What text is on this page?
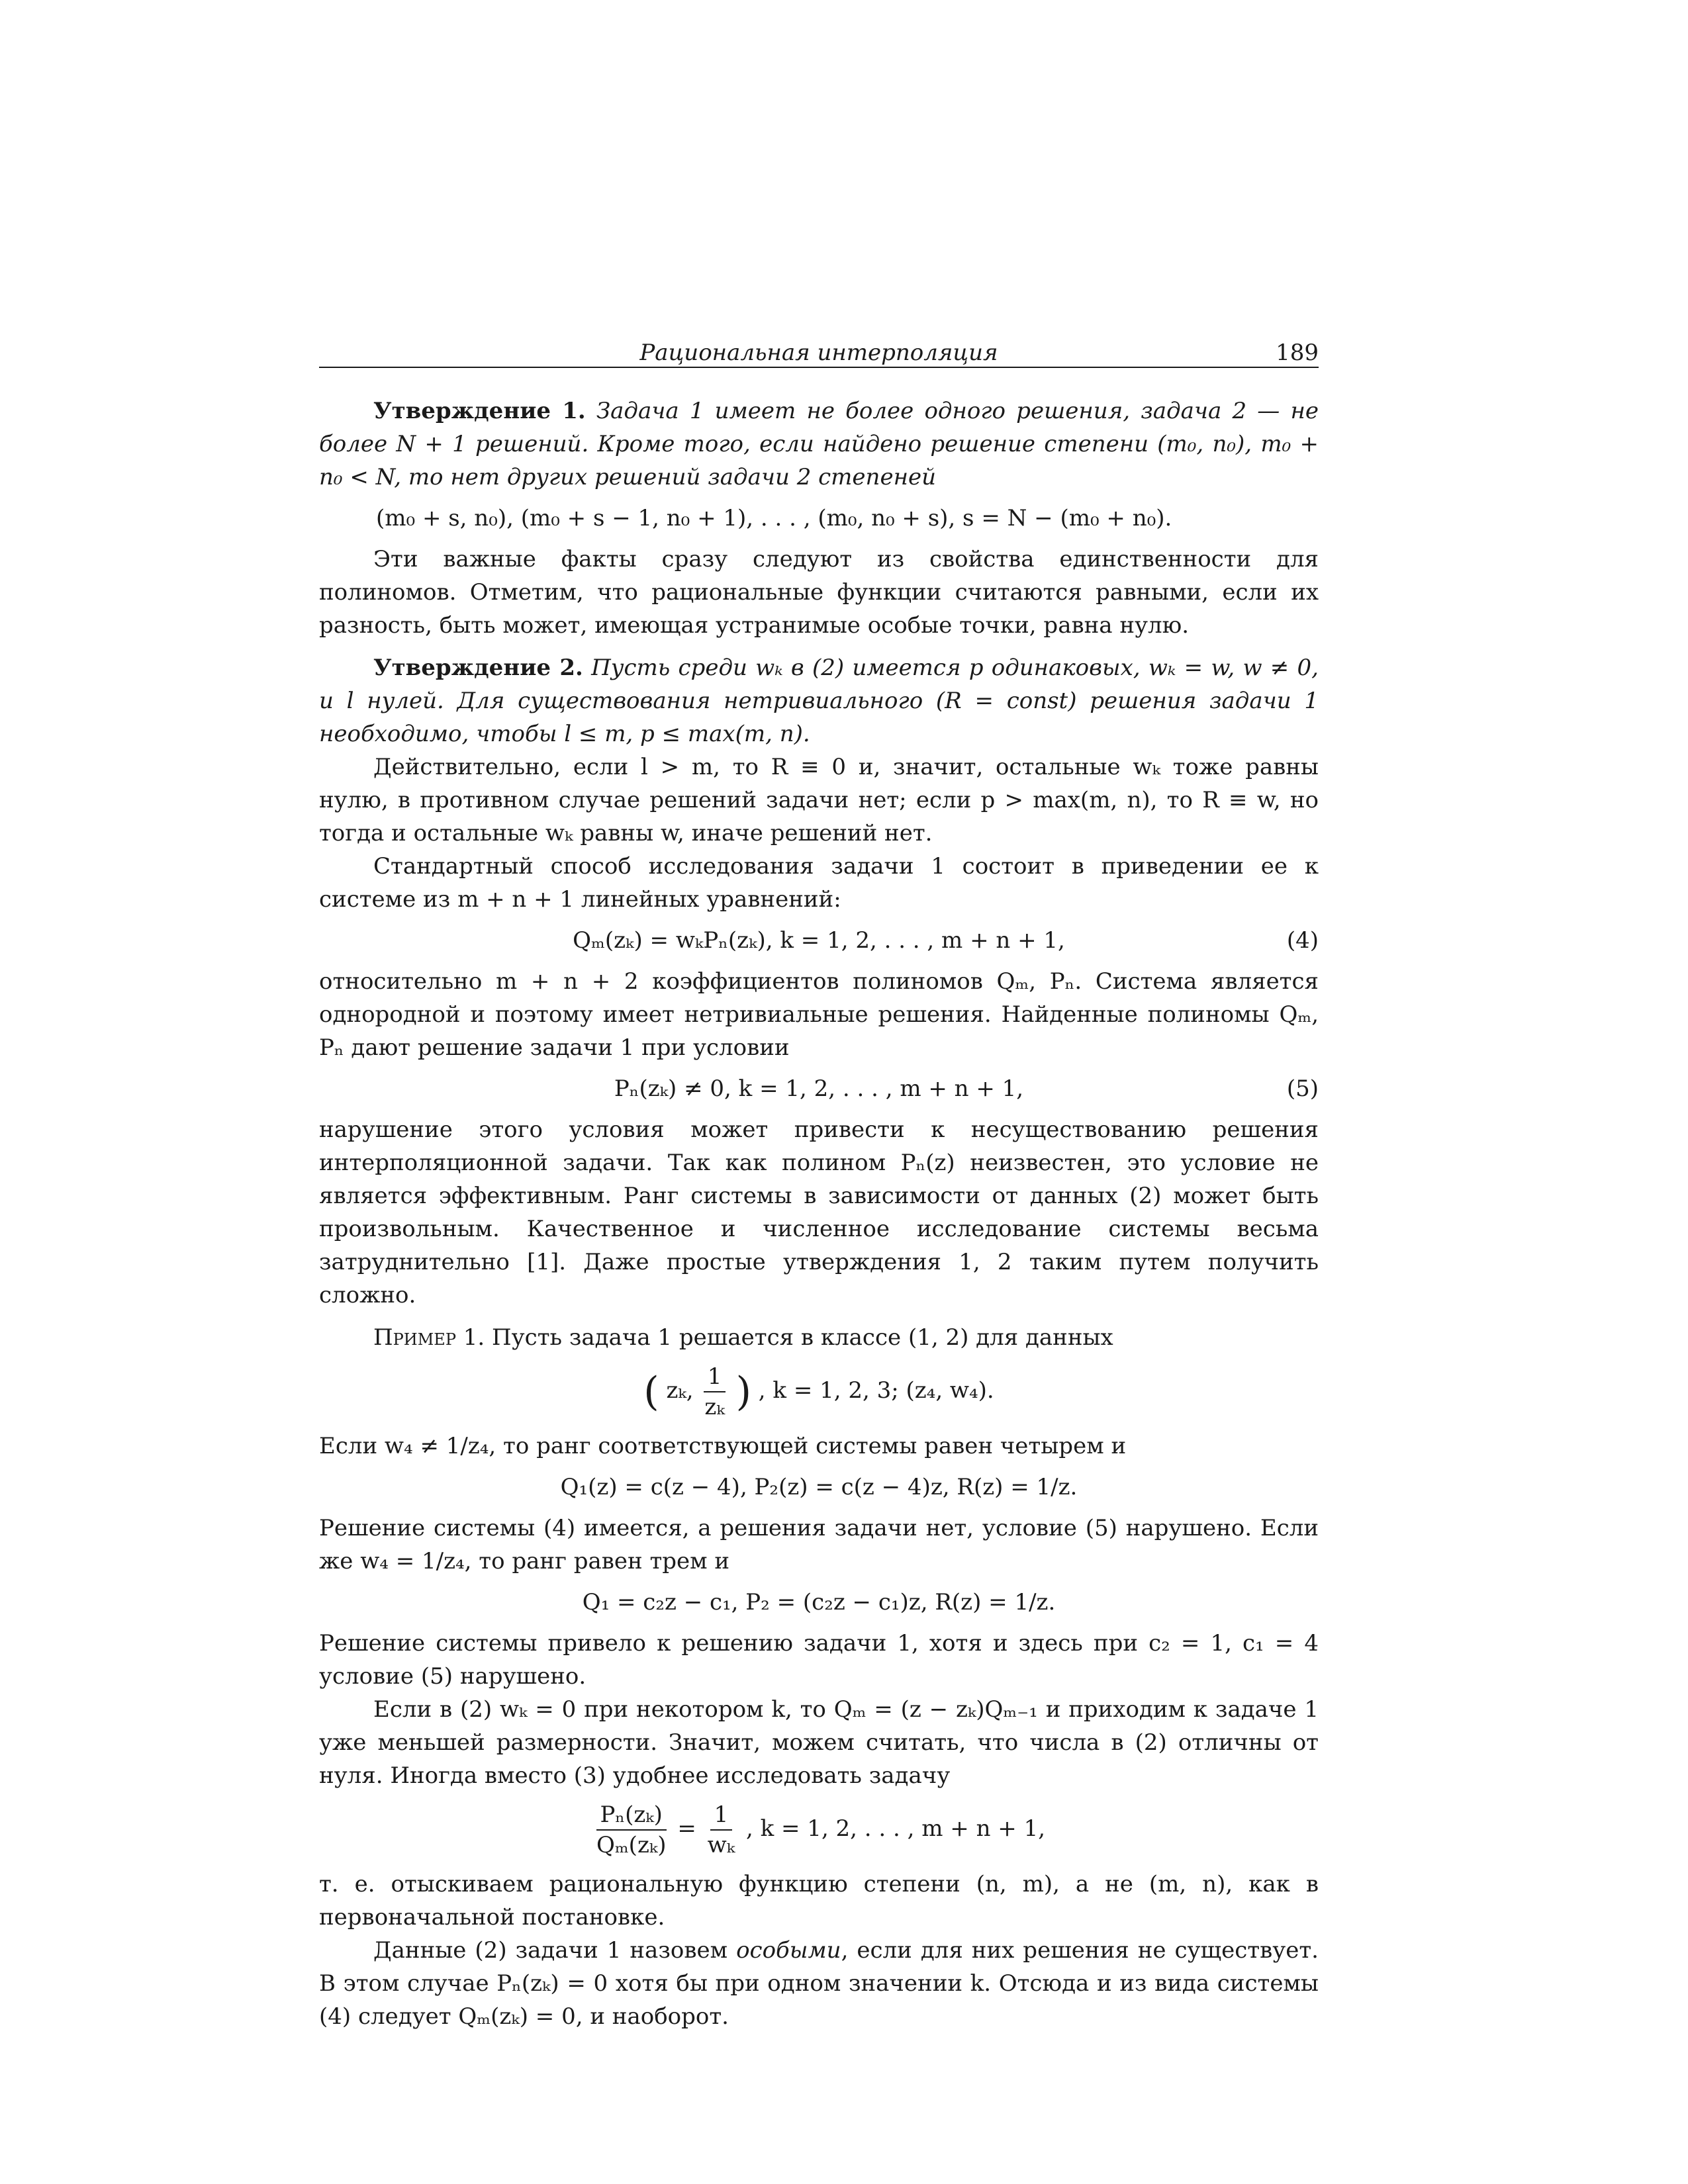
Рациональная интерполяция	189

Утверждение 1. Задача 1 имеет не более одного решения, задача 2 — не более N + 1 решений. Кроме того, если найдено решение степени (m₀, n₀), m₀ + n₀ < N, то нет других решений задачи 2 степеней

(m₀ + s, n₀), (m₀ + s − 1, n₀ + 1), . . . , (m₀, n₀ + s), s = N − (m₀ + n₀).

Эти важные факты сразу следуют из свойства единственности для полиномов. Отметим, что рациональные функции считаются равными, если их разность, быть может, имеющая устранимые особые точки, равна нулю.

Утверждение 2. Пусть среди wₖ в (2) имеется p одинаковых, wₖ = w, w ≠ 0, и l нулей. Для существования нетривиального (R = const) решения задачи 1 необходимо, чтобы l ≤ m, p ≤ max(m, n).

Действительно, если l > m, то R ≡ 0 и, значит, остальные wₖ тоже равны нулю, в противном случае решений задачи нет; если p > max(m, n), то R ≡ w, но тогда и остальные wₖ равны w, иначе решений нет.

Стандартный способ исследования задачи 1 состоит в приведении ее к системе из m + n + 1 линейных уравнений:

Qₘ(zₖ) = wₖPₙ(zₖ), k = 1, 2, . . . , m + n + 1,	(4)

относительно m + n + 2 коэффициентов полиномов Qₘ, Pₙ. Система является однородной и поэтому имеет нетривиальные решения. Найденные полиномы Qₘ, Pₙ дают решение задачи 1 при условии

Pₙ(zₖ) ≠ 0, k = 1, 2, . . . , m + n + 1,	(5)

нарушение этого условия может привести к несуществованию решения интерполяционной задачи. Так как полином Pₙ(z) неизвестен, это условие не является эффективным. Ранг системы в зависимости от данных (2) может быть произвольным. Качественное и численное исследование системы весьма затруднительно [1]. Даже простые утверждения 1, 2 таким путем получить сложно.

Пример 1. Пусть задача 1 решается в классе (1, 2) для данных

( zₖ, $\frac{1}{\text{zₖ}}$ ) , k = 1, 2, 3; (z₄, w₄).

Если w₄ ≠ 1/z₄, то ранг соответствующей системы равен четырем и

Q₁(z) = c(z − 4), P₂(z) = c(z − 4)z, R(z) = 1/z.

Решение системы (4) имеется, а решения задачи нет, условие (5) нарушено. Если же w₄ = 1/z₄, то ранг равен трем и

Q₁ = c₂z − c₁, P₂ = (c₂z − c₁)z, R(z) = 1/z.

Решение системы привело к решению задачи 1, хотя и здесь при c₂ = 1, c₁ = 4 условие (5) нарушено.

Если в (2) wₖ = 0 при некотором k, то Qₘ = (z − zₖ)Qₘ₋₁ и приходим к задаче 1 уже меньшей размерности. Значит, можем считать, что числа в (2) отличны от нуля. Иногда вместо (3) удобнее исследовать задачу

$\frac{\text{Pₙ(zₖ)}}{\text{Qₘ(zₖ)}} = \frac{1}{\text{wₖ}}$ , k = 1, 2, . . . , m + n + 1,

т. е. отыскиваем рациональную функцию степени (n, m), а не (m, n), как в первоначальной постановке.

Данные (2) задачи 1 назовем особыми, если для них решения не существует. В этом случае Pₙ(zₖ) = 0 хотя бы при одном значении k. Отсюда и из вида системы (4) следует Qₘ(zₖ) = 0, и наоборот.
